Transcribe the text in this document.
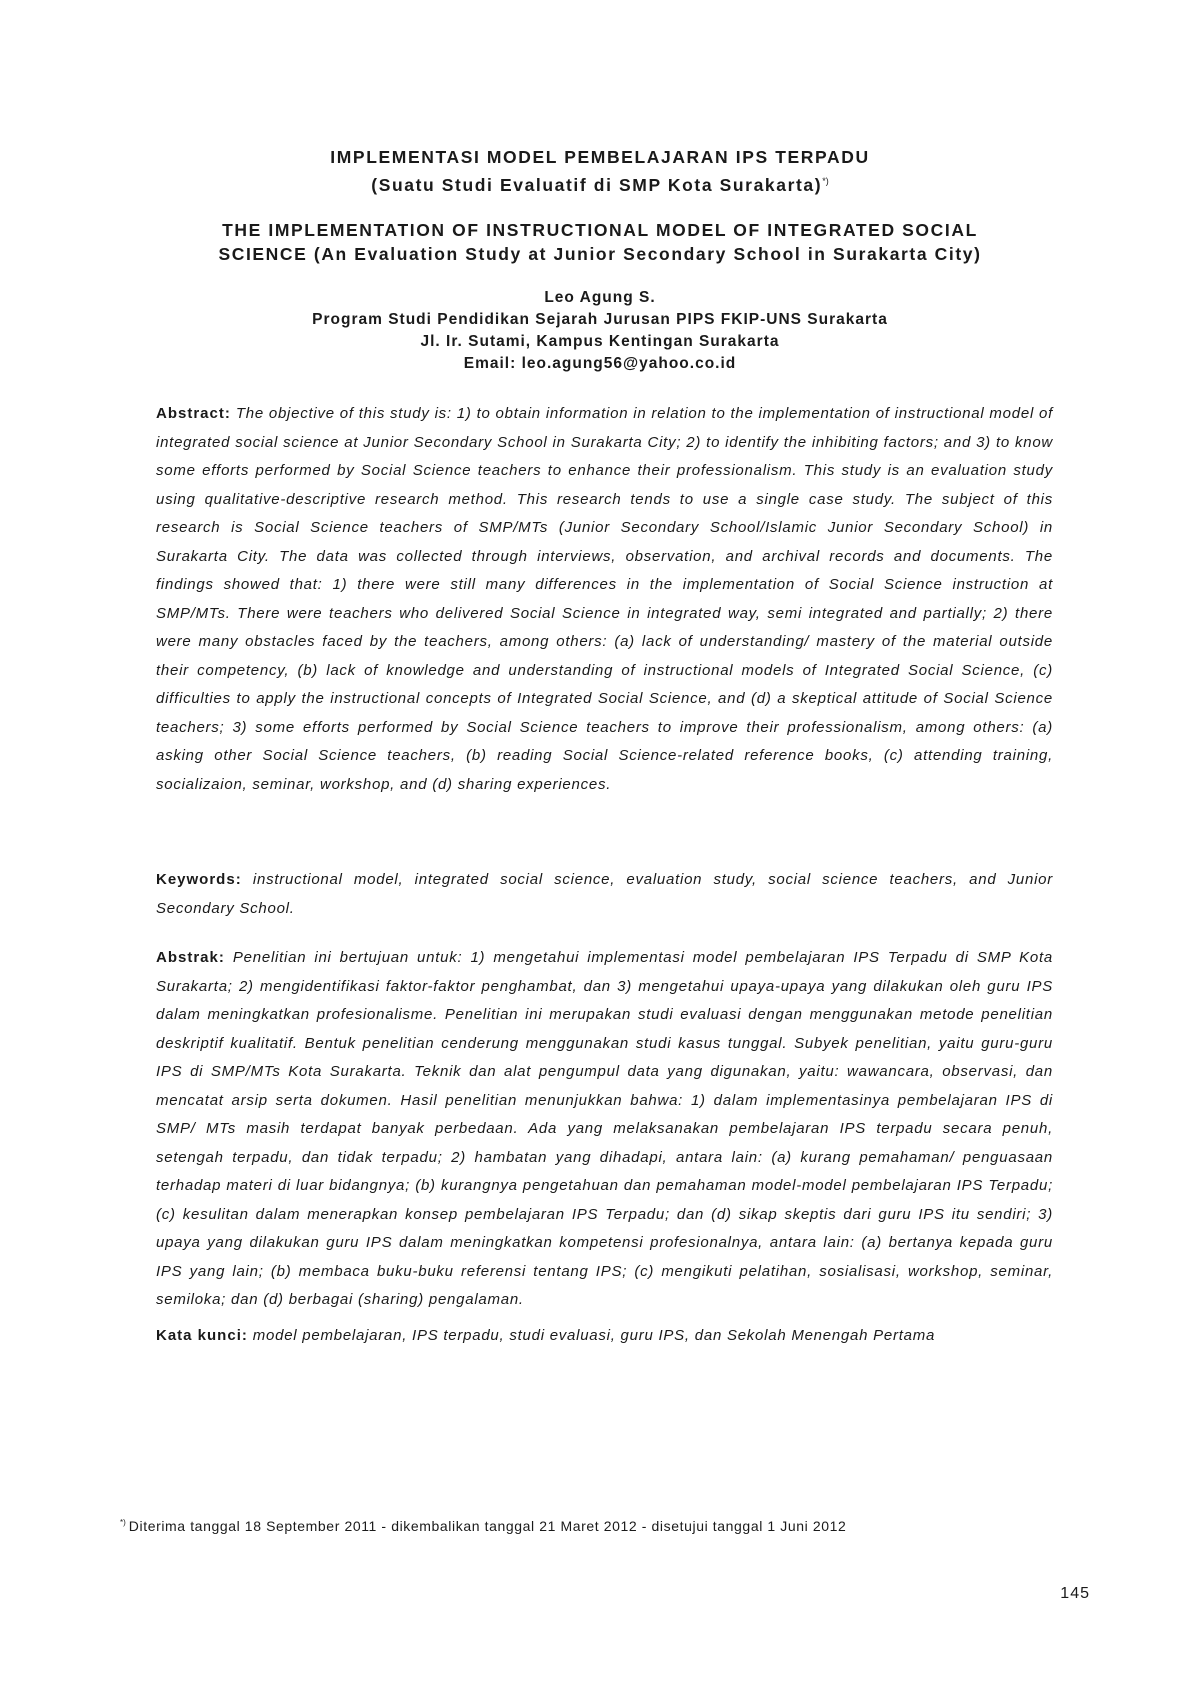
IMPLEMENTASI MODEL PEMBELAJARAN IPS TERPADU
(Suatu Studi Evaluatif di SMP Kota Surakarta)*)
THE IMPLEMENTATION OF INSTRUCTIONAL MODEL OF INTEGRATED SOCIAL
SCIENCE (An Evaluation Study at Junior Secondary School in Surakarta City)
Leo Agung S.
Program Studi Pendidikan Sejarah Jurusan PIPS FKIP-UNS Surakarta
Jl. Ir. Sutami, Kampus Kentingan Surakarta
Email: leo.agung56@yahoo.co.id
Abstract: The objective of this study is: 1) to obtain information in relation to the implementation of instructional model of integrated social science at Junior Secondary School in Surakarta City; 2) to identify the inhibiting factors; and 3) to know some efforts performed by Social Science teachers to enhance their professionalism. This study is an evaluation study using qualitative-descriptive research method. This research tends to use a single case study. The subject of this research is Social Science teachers of SMP/MTs (Junior Secondary School/Islamic Junior Secondary School) in Surakarta City. The data was collected through interviews, observation, and archival records and documents. The findings showed that: 1) there were still many differences in the implementation of Social Science instruction at SMP/MTs. There were teachers who delivered Social Science in integrated way, semi integrated and partially; 2) there were many obstacles faced by the teachers, among others: (a) lack of understanding/ mastery of the material outside their competency, (b) lack of knowledge and understanding of instructional models of Integrated Social Science, (c) difficulties to apply the instructional concepts of Integrated Social Science, and (d) a skeptical attitude of Social Science teachers; 3) some efforts performed by Social Science teachers to improve their professionalism, among others: (a) asking other Social Science teachers, (b) reading Social Science-related reference books, (c) attending training, socializaion, seminar, workshop, and (d) sharing experiences.
Keywords: instructional model, integrated social science, evaluation study, social science teachers, and Junior Secondary School.
Abstrak: Penelitian ini bertujuan untuk: 1) mengetahui implementasi model pembelajaran IPS Terpadu di SMP Kota Surakarta; 2) mengidentifikasi faktor-faktor penghambat, dan 3) mengetahui upaya-upaya yang dilakukan oleh guru IPS dalam meningkatkan profesionalisme. Penelitian ini merupakan studi evaluasi dengan menggunakan metode penelitian deskriptif kualitatif. Bentuk penelitian cenderung menggunakan studi kasus tunggal. Subyek penelitian, yaitu guru-guru IPS di SMP/MTs Kota Surakarta. Teknik dan alat pengumpul data yang digunakan, yaitu: wawancara, observasi, dan mencatat arsip serta dokumen. Hasil penelitian menunjukkan bahwa: 1) dalam implementasinya pembelajaran IPS di SMP/ MTs masih terdapat banyak perbedaan. Ada yang melaksanakan pembelajaran IPS terpadu secara penuh, setengah terpadu, dan tidak terpadu; 2) hambatan yang dihadapi, antara lain: (a) kurang pemahaman/ penguasaan terhadap materi di luar bidangnya; (b) kurangnya pengetahuan dan pemahaman model-model pembelajaran IPS Terpadu; (c) kesulitan dalam menerapkan konsep pembelajaran IPS Terpadu; dan (d) sikap skeptis dari guru IPS itu sendiri; 3) upaya yang dilakukan guru IPS dalam meningkatkan kompetensi profesionalnya, antara lain: (a) bertanya kepada guru IPS yang lain; (b) membaca buku-buku referensi tentang IPS; (c) mengikuti pelatihan, sosialisasi, workshop, seminar, semiloka; dan (d) berbagai (sharing) pengalaman.
Kata kunci: model pembelajaran, IPS terpadu, studi evaluasi, guru IPS, dan Sekolah Menengah Pertama
*) Diterima tanggal 18 September 2011 - dikembalikan tanggal 21 Maret 2012 - disetujui tanggal 1 Juni 2012
145
